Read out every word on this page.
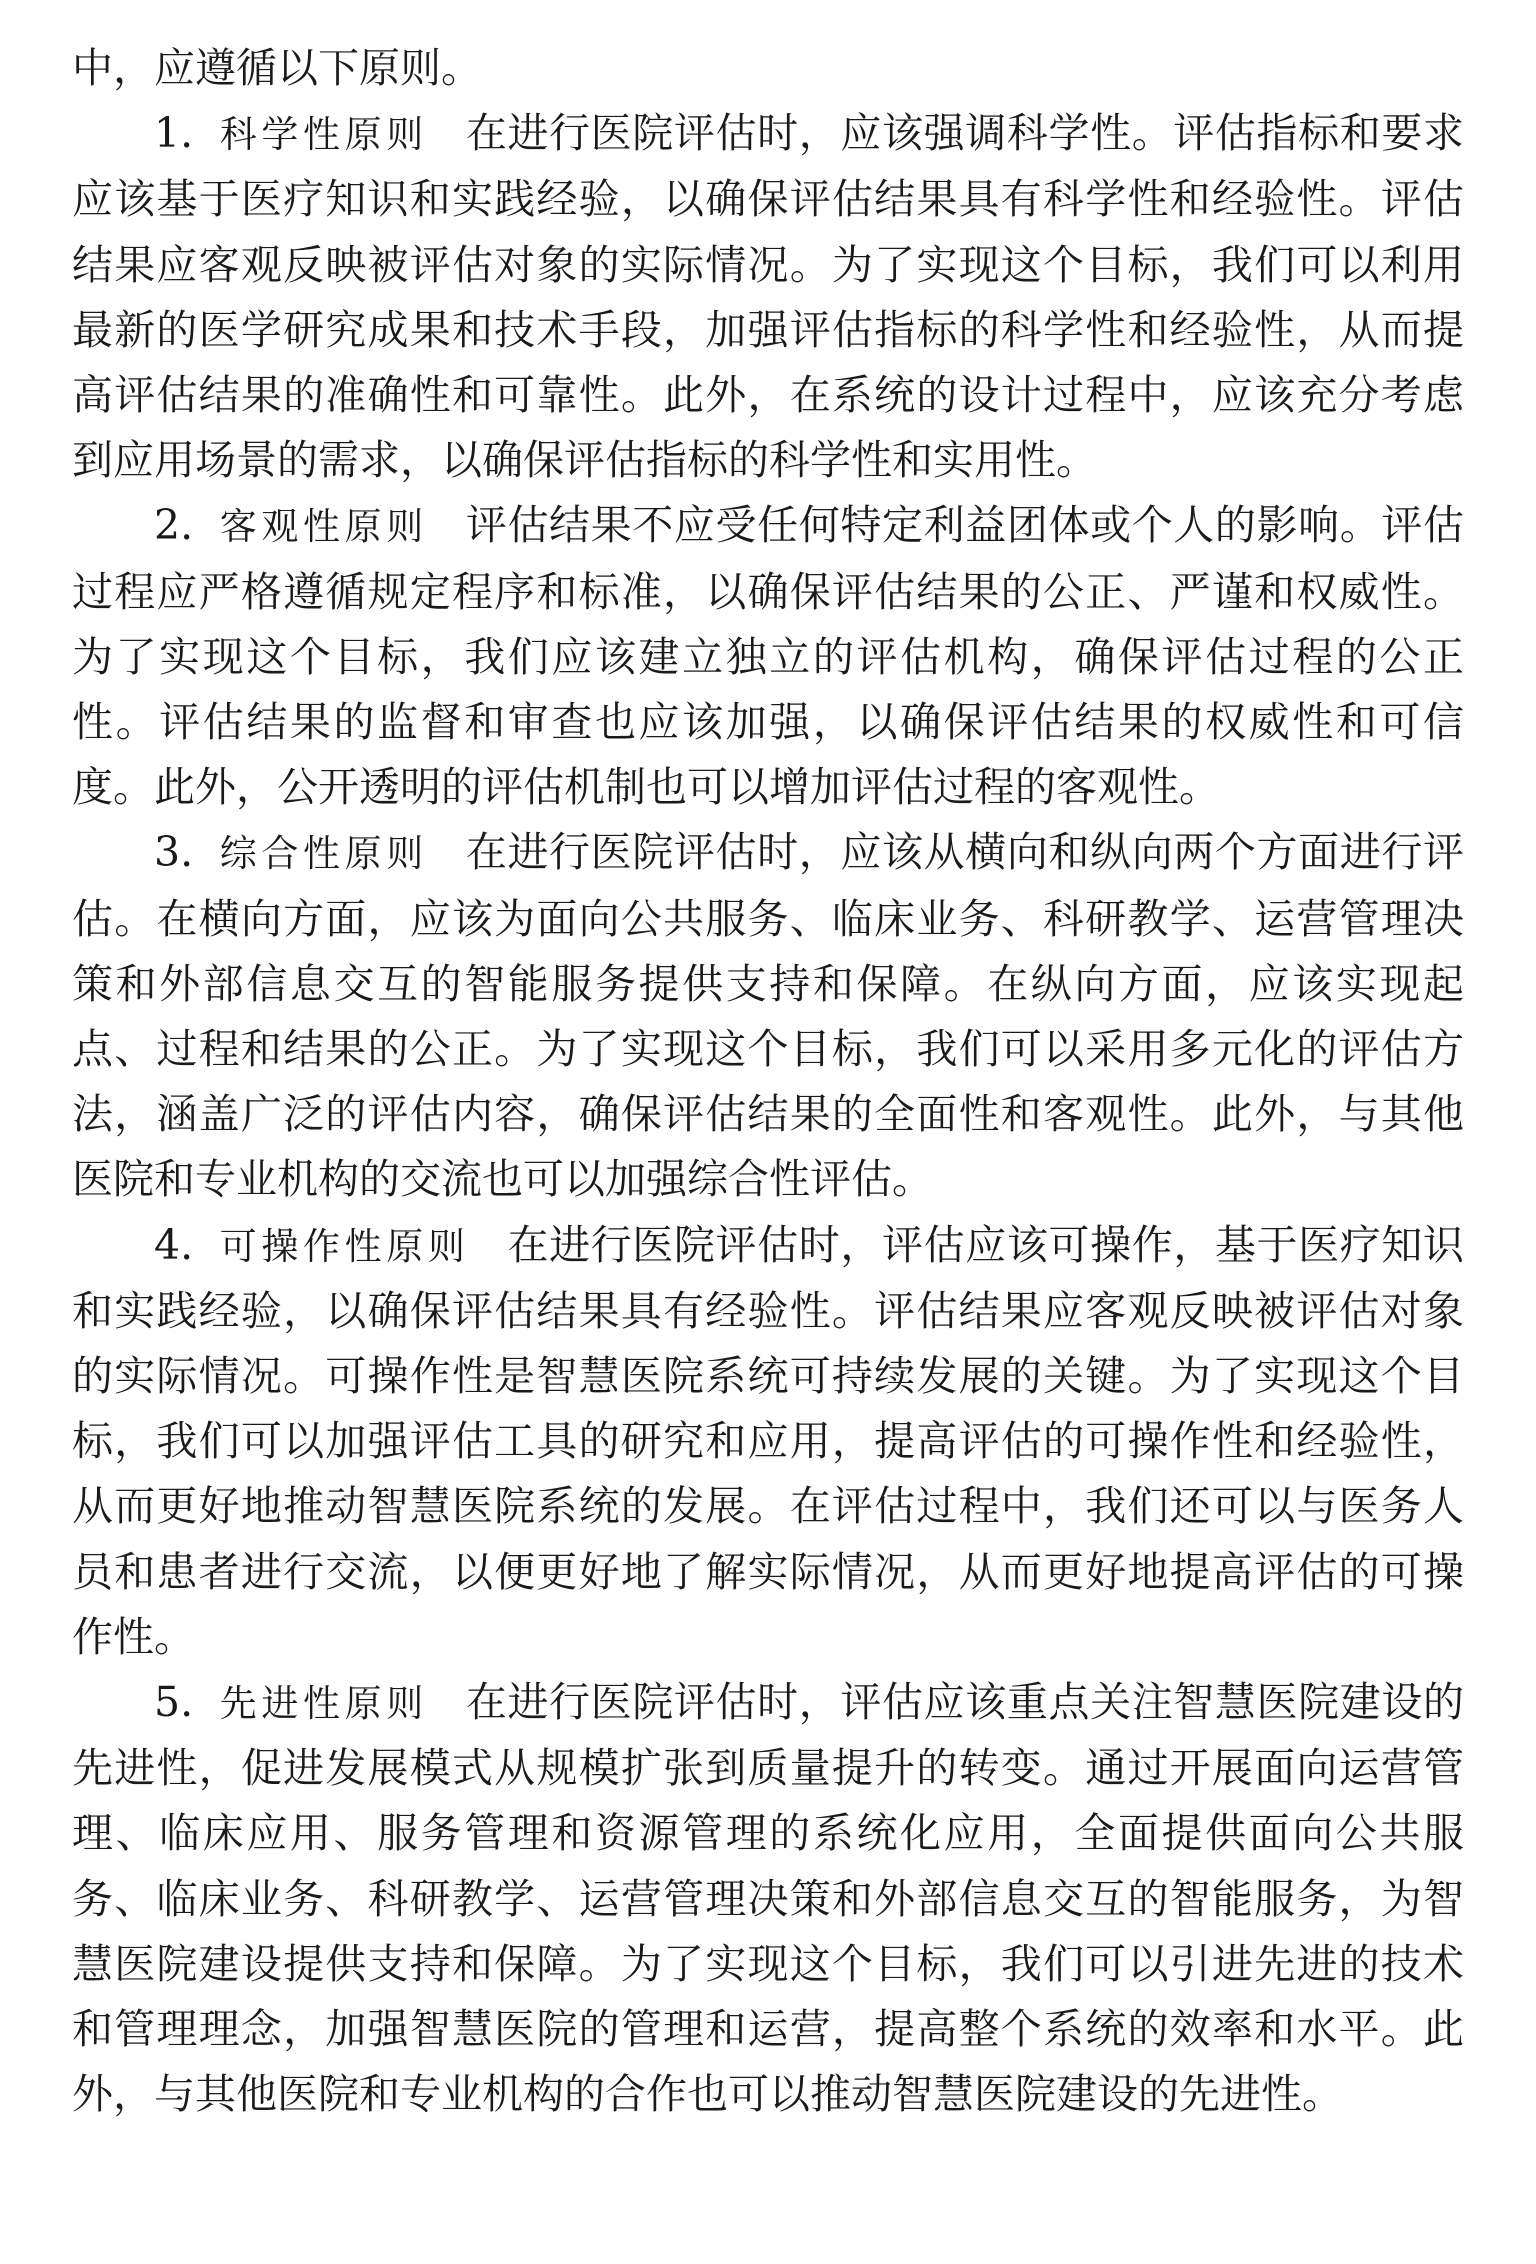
中，应遵循以下原则。

1. 科学性原则 在进行医院评估时，应该强调科学性。评估指标和要求应该基于医疗知识和实践经验，以确保评估结果具有科学性和经验性。评估结果应客观反映被评估对象的实际情况。为了实现这个目标，我们可以利用最新的医学研究成果和技术手段，加强评估指标的科学性和经验性，从而提高评估结果的准确性和可靠性。此外，在系统的设计过程中，应该充分考虑到应用场景的需求，以确保评估指标的科学性和实用性。

2. 客观性原则 评估结果不应受任何特定利益团体或个人的影响。评估过程应严格遵循规定程序和标准，以确保评估结果的公正、严谨和权威性。为了实现这个目标，我们应该建立独立的评估机构，确保评估过程的公正性。评估结果的监督和审查也应该加强，以确保评估结果的权威性和可信度。此外，公开透明的评估机制也可以增加评估过程的客观性。

3. 综合性原则 在进行医院评估时，应该从横向和纵向两个方面进行评估。在横向方面，应该为面向公共服务、临床业务、科研教学、运营管理决策和外部信息交互的智能服务提供支持和保障。在纵向方面，应该实现起点、过程和结果的公正。为了实现这个目标，我们可以采用多元化的评估方法，涵盖广泛的评估内容，确保评估结果的全面性和客观性。此外，与其他医院和专业机构的交流也可以加强综合性评估。

4. 可操作性原则 在进行医院评估时，评估应该可操作，基于医疗知识和实践经验，以确保评估结果具有经验性。评估结果应客观反映被评估对象的实际情况。可操作性是智慧医院系统可持续发展的关键。为了实现这个目标，我们可以加强评估工具的研究和应用，提高评估的可操作性和经验性，从而更好地推动智慧医院系统的发展。在评估过程中，我们还可以与医务人员和患者进行交流，以便更好地了解实际情况，从而更好地提高评估的可操作性。

5. 先进性原则 在进行医院评估时，评估应该重点关注智慧医院建设的先进性，促进发展模式从规模扩张到质量提升的转变。通过开展面向运营管理、临床应用、服务管理和资源管理的系统化应用，全面提供面向公共服务、临床业务、科研教学、运营管理决策和外部信息交互的智能服务，为智慧医院建设提供支持和保障。为了实现这个目标，我们可以引进先进的技术和管理理念，加强智慧医院的管理和运营，提高整个系统的效率和水平。此外，与其他医院和专业机构的合作也可以推动智慧医院建设的先进性。
